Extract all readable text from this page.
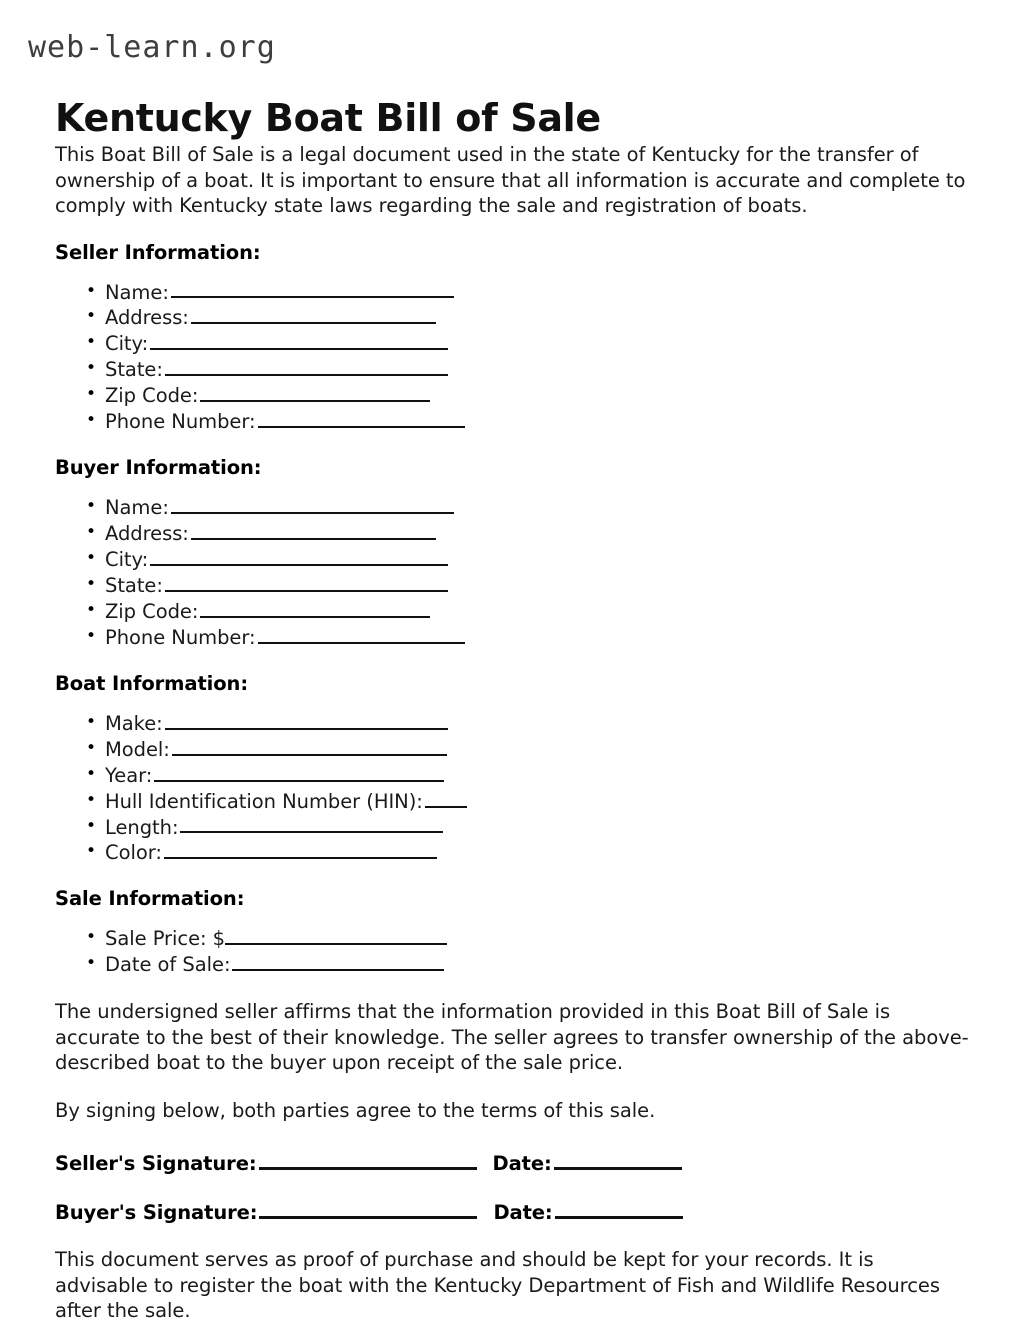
web-learn.org
Kentucky Boat Bill of Sale

This Boat Bill of Sale is a legal document used in the state of Kentucky for the transfer of ownership of a boat. It is important to ensure that all information is accurate and complete to comply with Kentucky state laws regarding the sale and registration of boats.

Seller Information:
• Name:
• Address:
• City:
• State:
• Zip Code:
• Phone Number:
Buyer Information:
• Name:
• Address:
• City:
• State:
• Zip Code:
• Phone Number:
Boat Information:
• Make:
• Model:
• Year:
• Hull Identification Number (HIN):
• Length:
• Color:
Sale Information:
• Sale Price: $
• Date of Sale:

The undersigned seller affirms that the information provided in this Boat Bill of Sale is accurate to the best of their knowledge. The seller agrees to transfer ownership of the above-described boat to the buyer upon receipt of the sale price.

By signing below, both parties agree to the terms of this sale.

Seller's Signature:	Date:
Buyer's Signature:	Date:

This document serves as proof of purchase and should be kept for your records. It is advisable to register the boat with the Kentucky Department of Fish and Wildlife Resources after the sale.
